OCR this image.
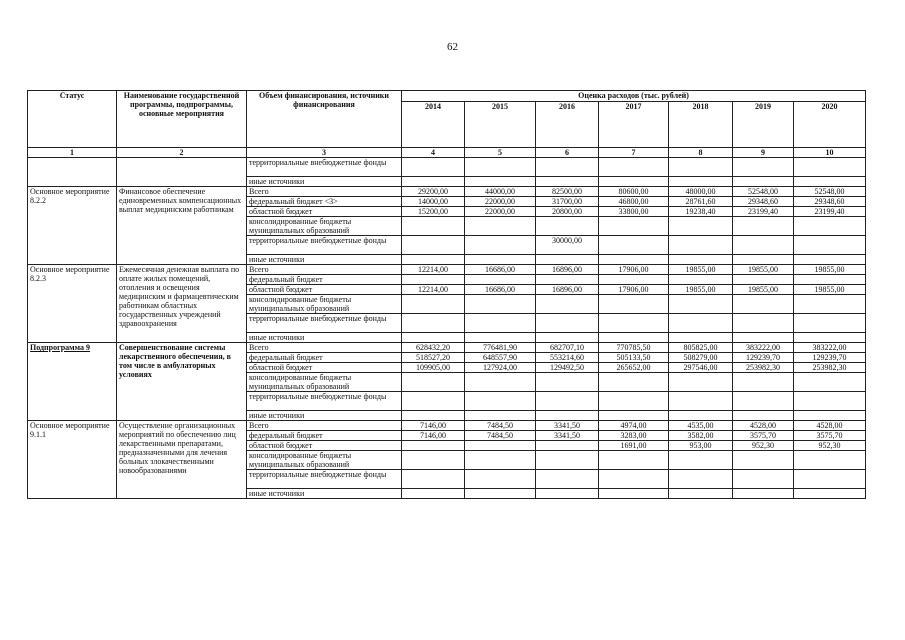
62
Статус	Наименование государственной программы, подпрограммы, основные мероприятия	Объем финансирования, источники финансирования	Оценка расходов (тыс. рублей)						
			2014	2015	2016	2017	2018	2019	2020
1	2	3	4	5	6	7	8	9	10
		территориальные внебюджетные фонды							
		иные источники							
Основное мероприятие 8.2.2	Финансовое обеспечение единовременных компенсационных выплат медицинским работникам	Всего	29200,00	44000,00	82500,00	80600,00	48000,00	52548,00	52548,00
		федеральный бюджет <3>	14000,00	22000,00	31700,00	46800,00	28761,60	29348,60	29348,60
		областной бюджет	15200,00	22000,00	20800,00	33800,00	19238,40	23199,40	23199,40
		консолидированные бюджеты муниципальных образований							
		территориальные внебюджетные фонды			30000,00				
		иные источники							
Основное мероприятие 8.2.3	Ежемесячная денежная выплата по оплате жилых помещений, отопления и освещения медицинским и фармацевтическим работникам областных государственных учреждений здравоохранения	Всего	12214,00	16686,00	16896,00	17906,00	19855,00	19855,00	19855,00
		федеральный бюджет							
		областной бюджет	12214,00	16686,00	16896,00	17906,00	19855,00	19855,00	19855,00
		консолидированные бюджеты муниципальных образований							
		территориальные внебюджетные фонды							
		иные источники							
Подпрограмма 9	Совершенствование системы лекарственного обеспечения, в том числе в амбулаторных условиях	Всего	628432,20	776481,90	682707,10	770785,50	805825,00	383222,00	383222,00
		федеральный бюджет	518527,20	648557,90	553214,60	505133,50	508279,00	129239,70	129239,70
		областной бюджет	109905,00	127924,00	129492,50	265652,00	297546,00	253982,30	253982,30
		консолидированные бюджеты муниципальных образований							
		территориальные внебюджетные фонды							
		иные источники							
Основное мероприятие 9.1.1	Осуществление организационных мероприятий по обеспечению лиц лекарственными препаратами, предназначенными для лечения больных злокачественными новообразованиями	Всего	7146,00	7484,50	3341,50	4974,00	4535,00	4528,00	4528,00
		федеральный бюджет	7146,00	7484,50	3341,50	3283,00	3582,00	3575,70	3575,70
		областной бюджет				1691,00	953,00	952,30	952,30
		консолидированные бюджеты муниципальных образований							
		территориальные внебюджетные фонды							
		иные источники							
